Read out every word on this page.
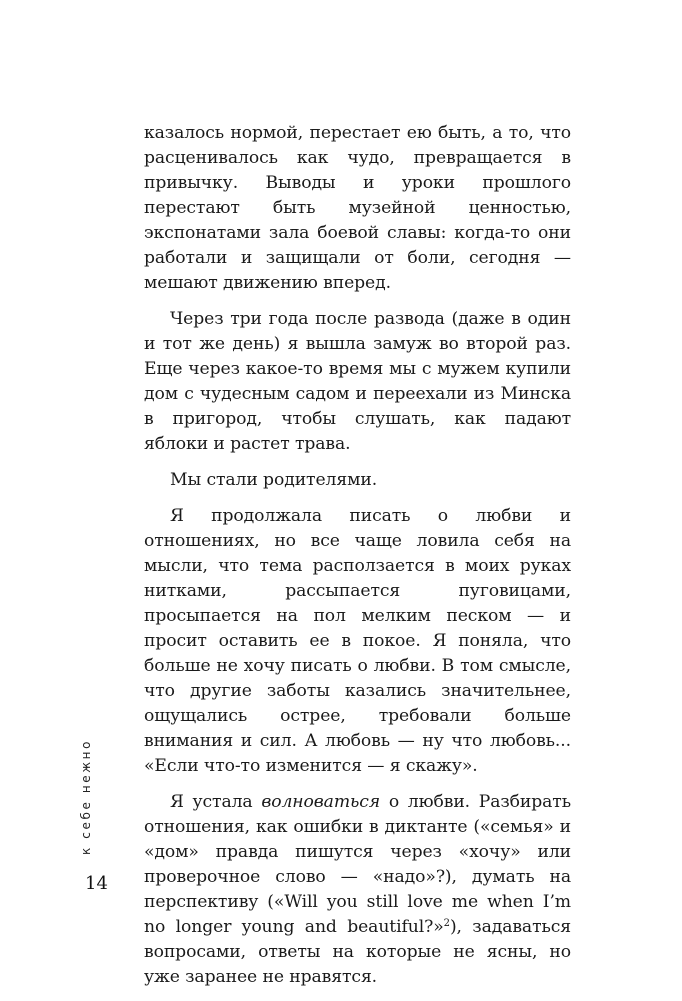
казалось нормой, перестает ею быть, а то, что расценивалось как чудо, превращается в привычку. Выводы и уроки прошлого перестают быть музейной ценностью, экспонатами зала боевой славы: когда-то они работали и защищали от боли, сегодня — мешают движению вперед.

Через три года после развода (даже в один и тот же день) я вышла замуж во второй раз. Еще через какое-то время мы с мужем купили дом с чудесным садом и переехали из Минска в пригород, чтобы слушать, как падают яблоки и растет трава.

Мы стали родителями.

Я продолжала писать о любви и отношениях, но все чаще ловила себя на мысли, что тема расползается в моих руках нитками, рассыпается пуговицами, просыпается на пол мелким песком — и просит оставить ее в покое. Я поняла, что больше не хочу писать о любви. В том смысле, что другие заботы казались значительнее, ощущались острее, требовали больше внимания и сил. А любовь — ну что любовь... «Если что-то изменится — я скажу».

Я устала волноваться о любви. Разбирать отношения, как ошибки в диктанте («семья» и «дом» правда пишутся через «хочу» или проверочное слово — «надо»?), думать на перспективу («Will you still love me when I’m no longer young and beautiful?»$^2$), задаваться вопросами, ответы на которые не ясны, но уже заранее не нравятся.

к себе нежно
14
